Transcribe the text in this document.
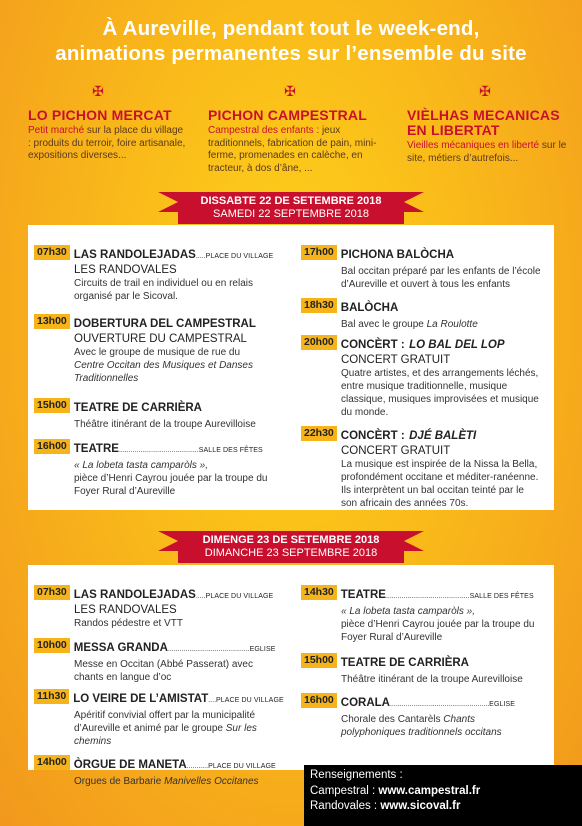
À Aureville, pendant tout le week-end,
animations permanentes sur l’ensemble du site
✠	✠	✠
LO PICHON MERCAT
Petit marché sur la place du village : produits du terroir, foire artisanale, expositions diverses...
PICHON CAMPESTRAL
Campestral des enfants : jeux traditionnels, fabrication de pain, mini-ferme, promenades en calèche, en tracteur, à dos d’âne, ...
VIÈLHAS MECANICAS
EN LIBERTAT
Vieilles mécaniques en liberté sur le site, métiers d’autrefois...
DISSABTE 22 DE SETEMBRE 2018
SAMEDI 22 SEPTEMBRE 2018
07h30 LAS RANDOLEJADAS.....PLACE DU VILLAGE
LES RANDOVALES
Circuits de trail en individuel ou en relais organisé par le Sicoval.
13h00 DOBERTURA DEL CAMPESTRAL
OUVERTURE DU CAMPESTRAL
Avec le groupe de musique de rue du
Centre Occitan des Musiques et Danses Traditionnelles
15h00 TEATRE DE CARRIÈRA
Théâtre itinérant de la troupe Aurevilloise
16h00 TEATRE.........................................SALLE DES FÊTES
« La lobeta tasta camparòls »,
pièce d’Henri Cayrou jouée par la troupe du Foyer Rural d’Aureville
17h00 PICHONA BALÒCHA
Bal occitan préparé par les enfants de l’école d’Aureville et ouvert à tous les enfants
18h30 BALÒCHA
Bal avec le groupe La Roulotte
20h00 CONCÈRT : LO BAL DEL LOP
CONCERT GRATUIT
Quatre artistes, et des arrangements léchés, entre musique traditionnelle, musique classique, musiques improvisées et musique du monde.
22h30 CONCÈRT : DJÉ BALÈTI
CONCERT GRATUIT
La musique est inspirée de la Nissa la Bella, profondément occitane et méditer-ranéenne. Ils interprètent un bal occitan teinté par le son africain des années 70s.
DIMENGE 23 DE SETEMBRE 2018
DIMANCHE 23 SEPTEMBRE 2018
07h30 LAS RANDOLEJADAS.....PLACE DU VILLAGE
LES RANDOVALES
Randos pédestre et VTT
10h00 MESSA GRANDA..........................................EGLISE
Messe en Occitan (Abbé Passerat) avec chants en langue d’oc
11h30 LO VEIRE DE L’AMISTAT....PLACE DU VILLAGE
Apéritif convivial offert par la municipalité d’Aureville et animé par le groupe Sur les chemins
14h00 ÒRGUE DE MANETA...........PLACE DU VILLAGE
Orgues de Barbarie Manivelles Occitanes
14h30 TEATRE...........................................SALLE DES FÊTES
« La lobeta tasta camparòls »,
pièce d’Henri Cayrou jouée par la troupe du Foyer Rural d’Aureville
15h00 TEATRE DE CARRIÈRA
Théâtre itinérant de la troupe Aurevilloise
16h00 CORALA...................................................EGLISE
Chorale des Cantarèls Chants polyphoniques traditionnels occitans
Renseignements :
Campestral : www.campestral.fr
Randovales : www.sicoval.fr
